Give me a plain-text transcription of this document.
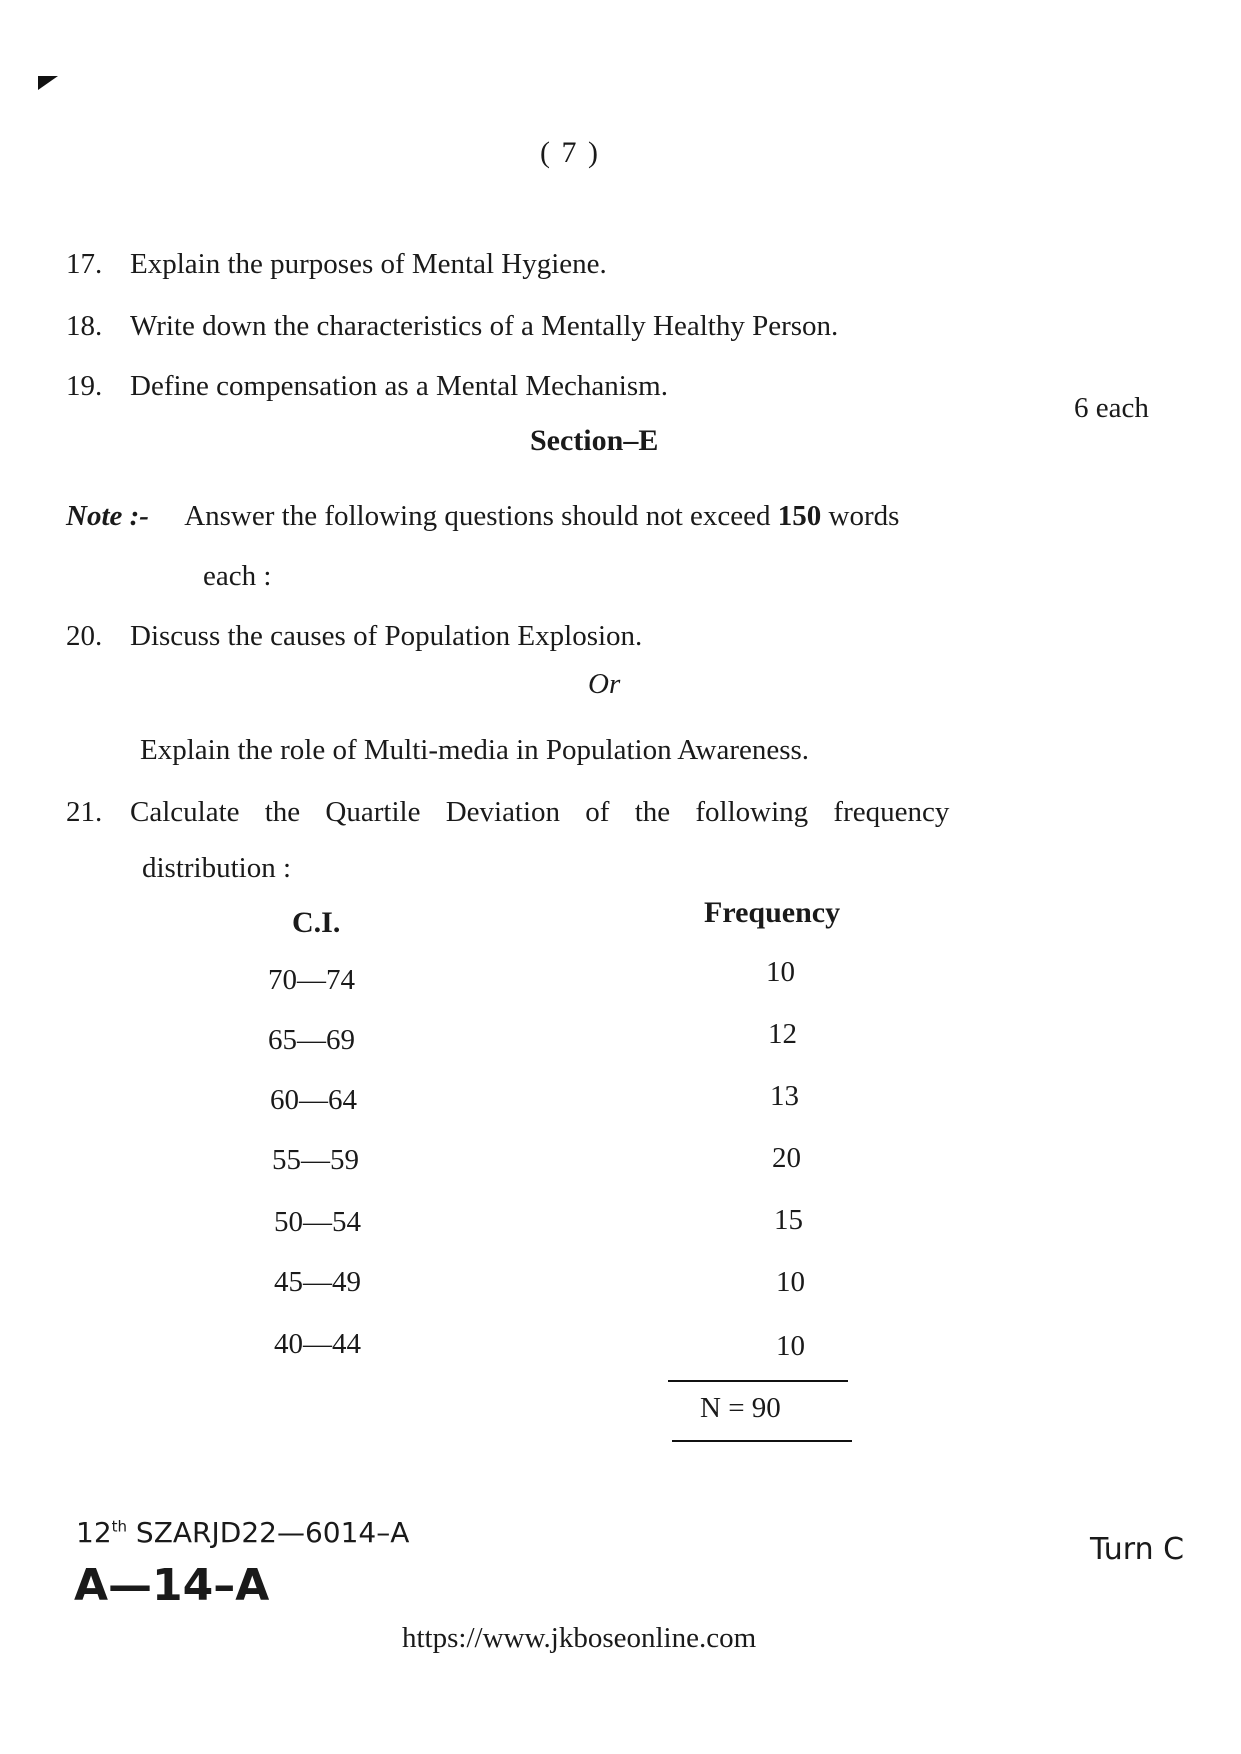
( 7 )
17. Explain the purposes of Mental Hygiene.
18. Write down the characteristics of a Mentally Healthy Person.
19. Define compensation as a Mental Mechanism.
6 each
Section–E
Note :- Answer the following questions should not exceed 150 words
each :
20. Discuss the causes of Population Explosion.
Or
Explain the role of Multi-media in Population Awareness.
21. Calculate the Quartile Deviation of the following frequency
distribution :
C.I.	Frequency
70—74	10
65—69	12
60—64	13
55—59	20
50—54	15
45—49	10
40—44	10
N = 90
12th SZARJD22—6014–A
A—14–A
Turn C
https://www.jkboseonline.com
